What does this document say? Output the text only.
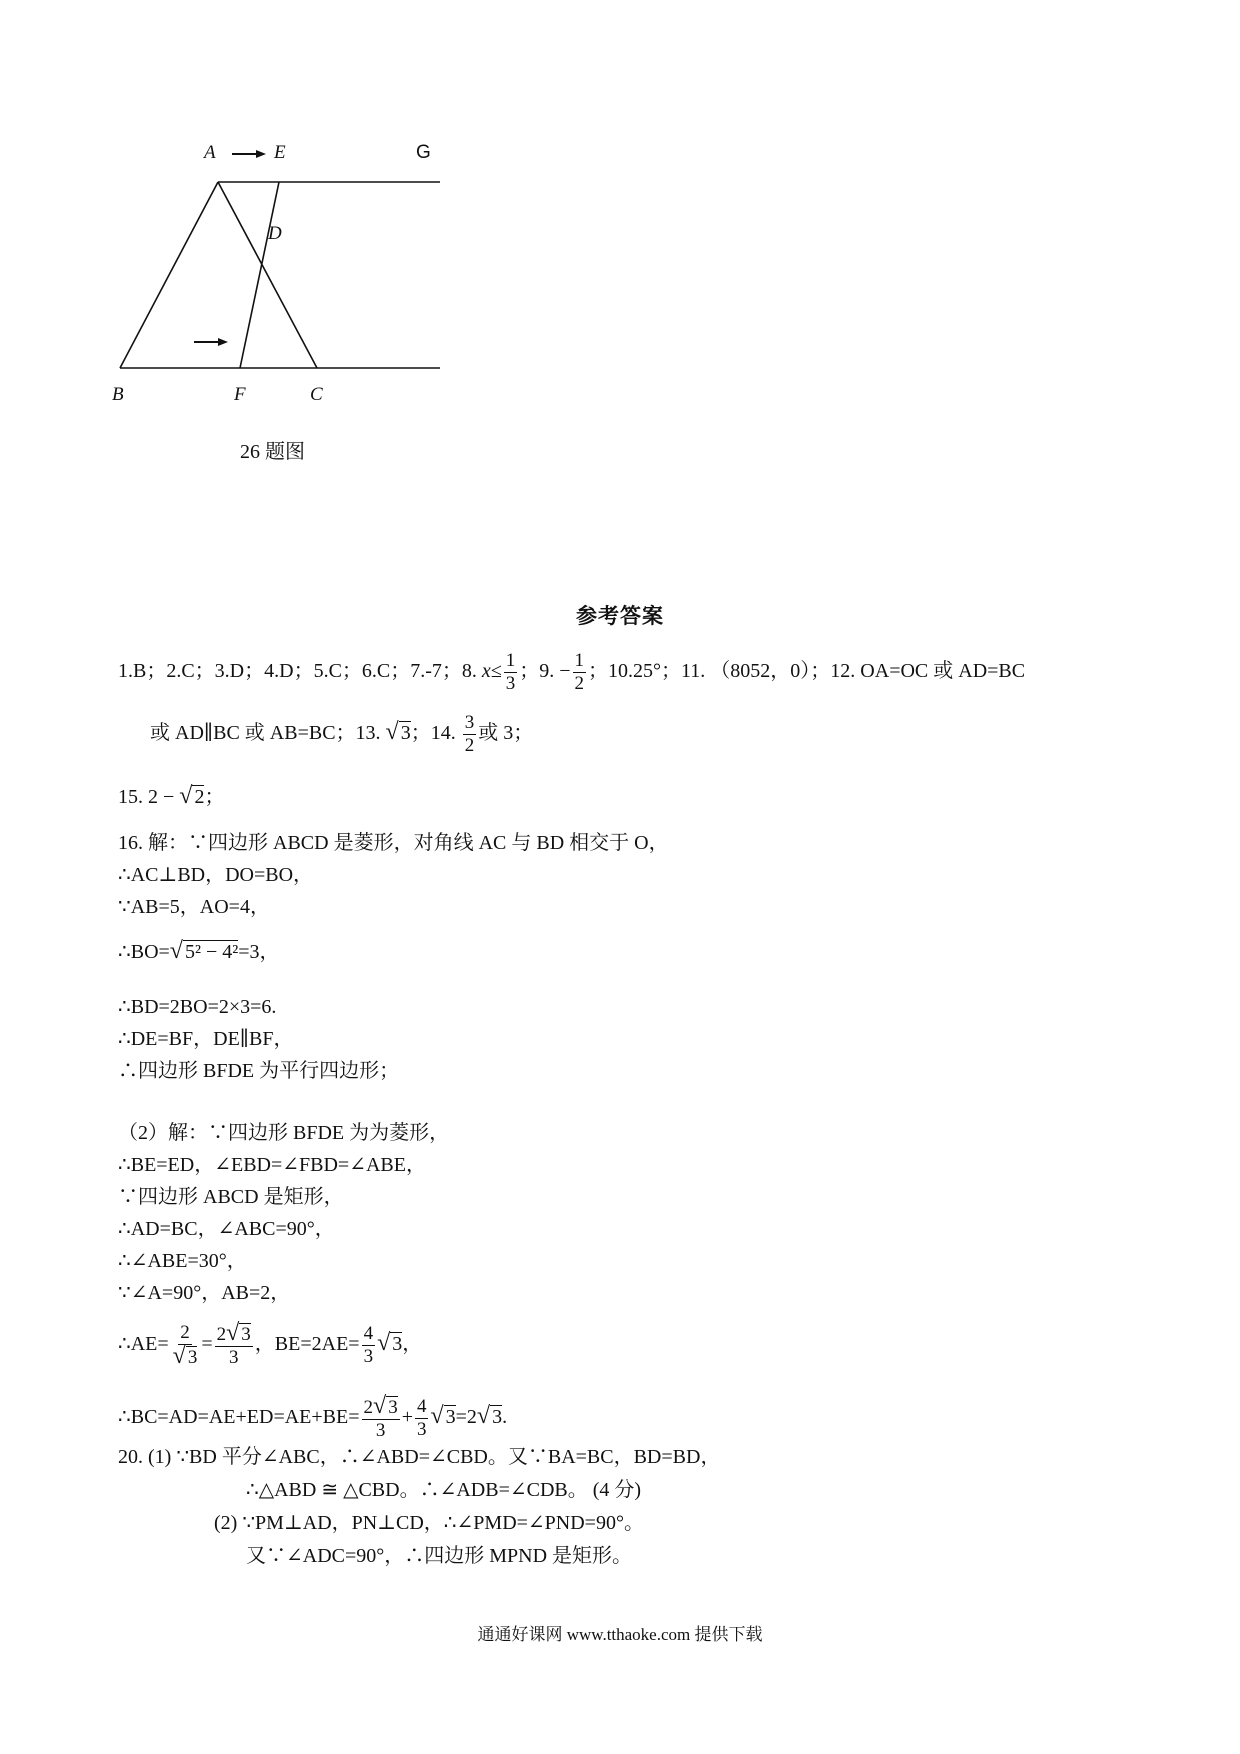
A	E	G
D
B	F	C
26 题图
参考答案
1.B；2.C；3.D；4.D；5.C；6.C；7.-7；8. $x\le \frac{1}{3}$ ；9. − $\frac{1}{2}$ ；10.25°；11. （8052，0）；12. OA=OC 或 AD=BC
或 AD∥BC 或 AB=BC；13. √ 3；14. $\frac{3}{2}$ 或 3；
15. 2 − √ 2；
16. 解：∵四边形 ABCD 是菱形，对角线 AC 与 BD 相交于 O，
∴AC⊥BD，DO=BO，
∵AB=5，AO=4，
∴BO=√ 5² − 4²=3，
∴BD=2BO=2×3=6.
∴DE=BF，DE∥BF，
∴四边形 BFDE 为平行四边形；
（2）解：∵四边形 BFDE 为为菱形，
∴BE=ED，∠EBD=∠FBD=∠ABE，
∵四边形 ABCD 是矩形，
∴AD=BC，∠ABC=90°，
∴∠ABE=30°，
∵∠A=90°，AB=2，
∴AE= $\frac{2}{√ 3} = \frac{2√ 3}{3}$ ，$BE=2AE= \frac{4}{3}$ √ 3，
∴BC=AD=AE+ED=AE+BE= $\frac{2√ 3}{3} + \frac{4}{3}$ √ 3=2√ 3.
20. (1) ∵BD 平分∠ABC，∴∠ABD=∠CBD。又∵BA=BC，BD=BD，
∴△ABD ≅ △CBD。∴∠ADB=∠CDB。 (4 分)
(2) ∵PM⊥AD，PN⊥CD，∴∠PMD=∠PND=90°。
又∵∠ADC=90°，∴四边形 MPND 是矩形。
通通好课网 www.tthaoke.com 提供下载
